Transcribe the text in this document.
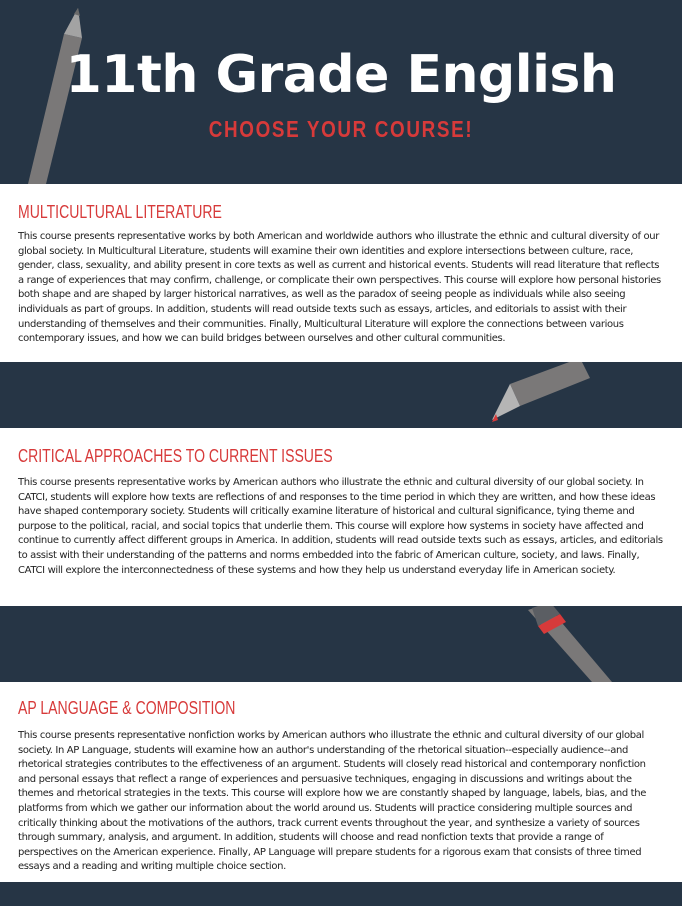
11th Grade English
CHOOSE YOUR COURSE!
MULTICULTURAL LITERATURE

This course presents representative works by both American and worldwide authors who illustrate the ethnic and cultural diversity of our global society. In Multicultural Literature, students will examine their own identities and explore intersections between culture, race, gender, class, sexuality, and ability present in core texts as well as current and historical events. Students will read literature that reflects a range of experiences that may confirm, challenge, or complicate their own perspectives. This course will explore how personal histories both shape and are shaped by larger historical narratives, as well as the paradox of seeing people as individuals while also seeing individuals as part of groups. In addition, students will read outside texts such as essays, articles, and editorials to assist with their understanding of themselves and their communities. Finally, Multicultural Literature will explore the connections between various contemporary issues, and how we can build bridges between ourselves and other cultural communities.

CRITICAL APPROACHES TO CURRENT ISSUES

This course presents representative works by American authors who illustrate the ethnic and cultural diversity of our global society. In CATCI, students will explore how texts are reflections of and responses to the time period in which they are written, and how these ideas have shaped contemporary society. Students will critically examine literature of historical and cultural significance, tying theme and purpose to the political, racial, and social topics that underlie them. This course will explore how systems in society have affected and continue to currently affect different groups in America. In addition, students will read outside texts such as essays, articles, and editorials to assist with their understanding of the patterns and norms embedded into the fabric of American culture, society, and laws. Finally, CATCI will explore the interconnectedness of these systems and how they help us understand everyday life in American society.

AP LANGUAGE & COMPOSITION

This course presents representative nonfiction works by American authors who illustrate the ethnic and cultural diversity of our global society. In AP Language, students will examine how an author's understanding of the rhetorical situation--especially audience--and rhetorical strategies contributes to the effectiveness of an argument. Students will closely read historical and contemporary nonfiction and personal essays that reflect a range of experiences and persuasive techniques, engaging in discussions and writings about the themes and rhetorical strategies in the texts. This course will explore how we are constantly shaped by language, labels, bias, and the platforms from which we gather our information about the world around us. Students will practice considering multiple sources and critically thinking about the motivations of the authors, track current events throughout the year, and synthesize a variety of sources through summary, analysis, and argument. In addition, students will choose and read nonfiction texts that provide a range of perspectives on the American experience. Finally, AP Language will prepare students for a rigorous exam that consists of three timed essays and a reading and writing multiple choice section.
